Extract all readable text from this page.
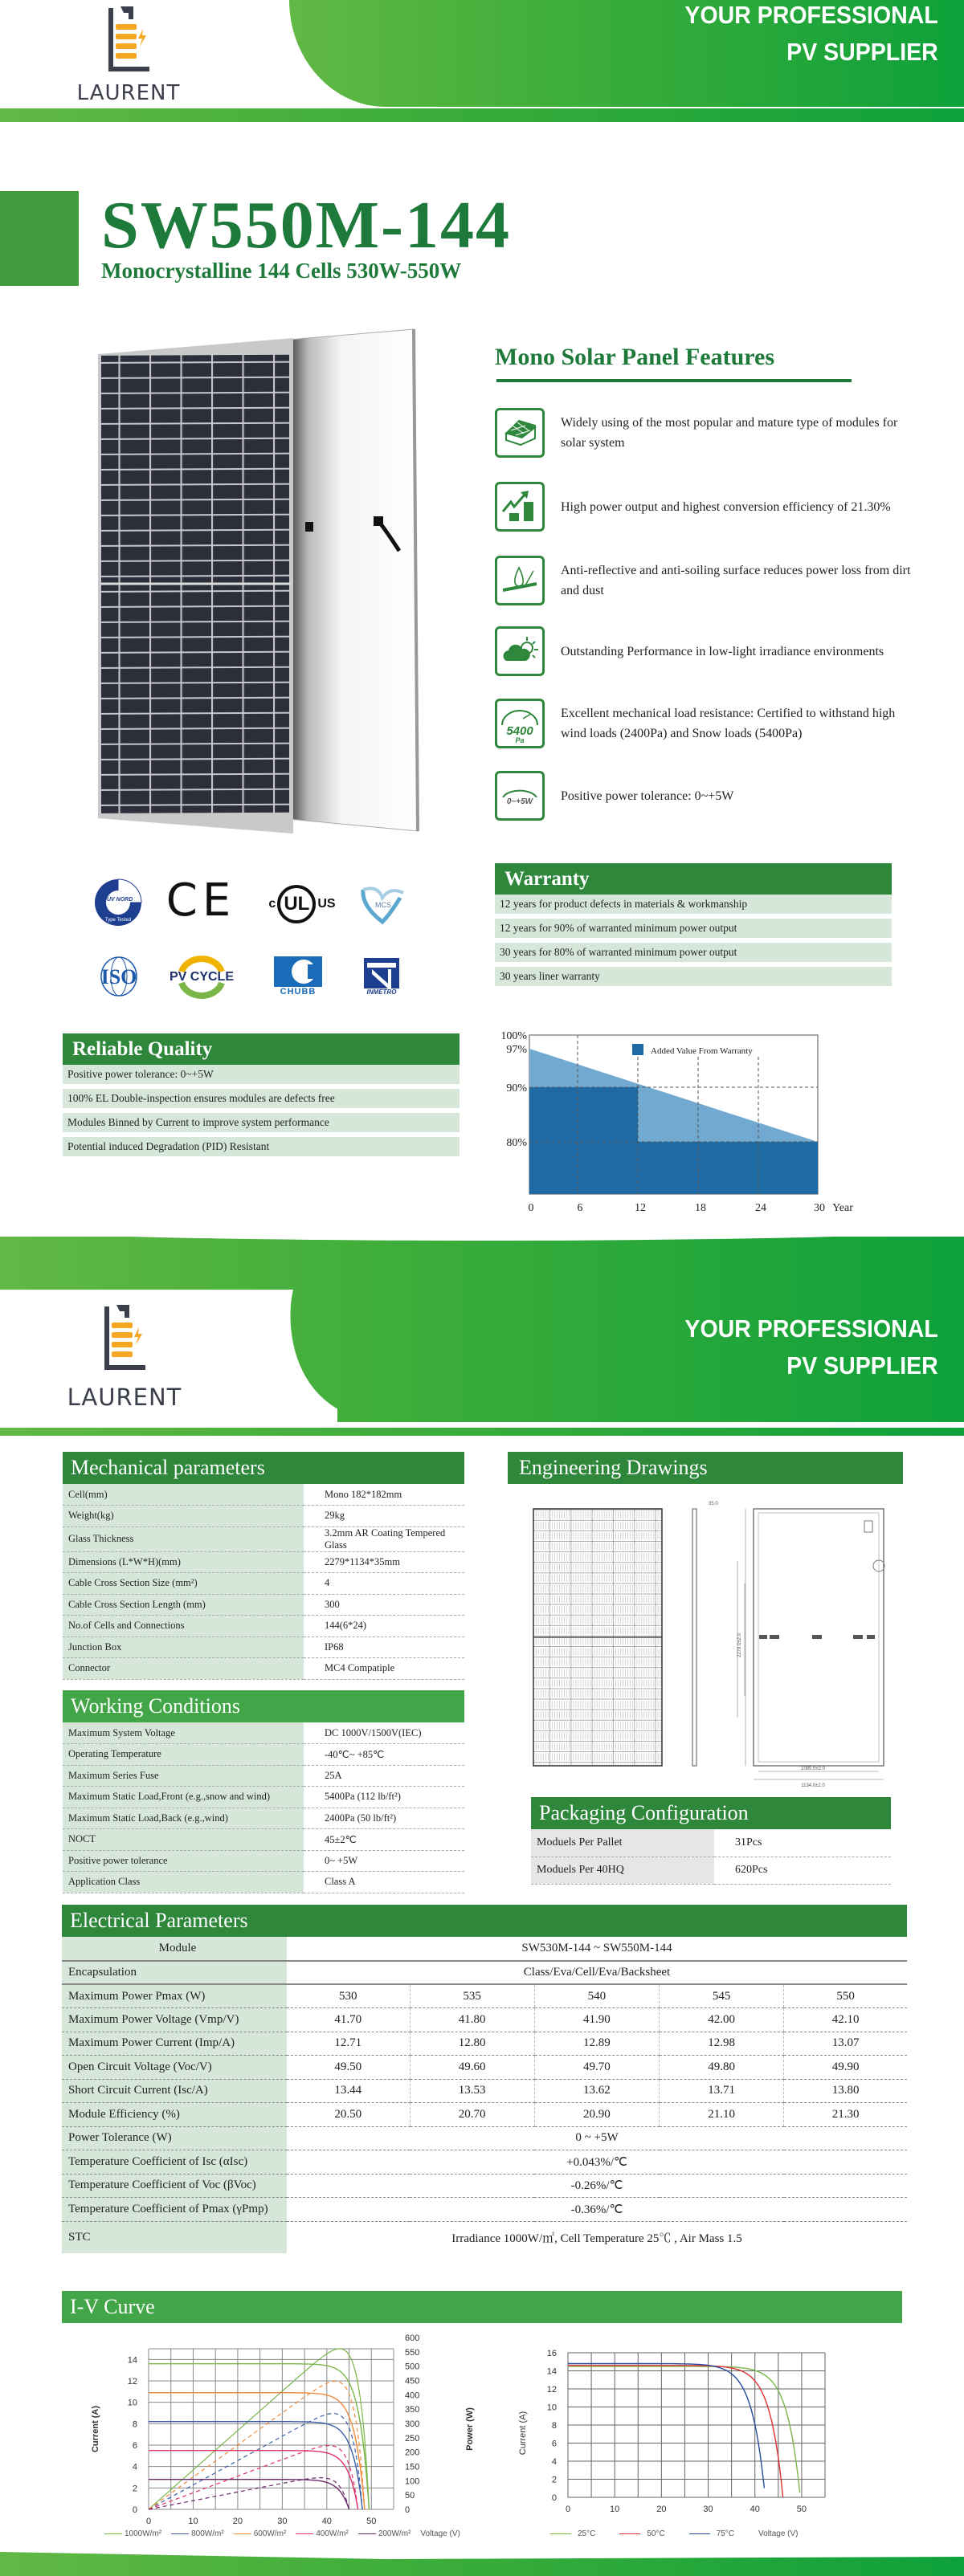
YOUR PROFESSIONAL
PV SUPPLIER
LAURENT
SW550M-144
Monocrystalline 144 Cells 530W-550W
Mono Solar Panel Features
Widely using of the most popular and mature type of modules for solar system
High power output and highest conversion efficiency of 21.30%
Anti-reflective and anti-soiling surface reduces power loss from dirt and dust
Outstanding Performance in low-light irradiance environments
5400
Pa
Excellent mechanical load resistance: Certified to withstand high wind loads (2400Pa) and Snow loads (5400Pa)
0~+5W Positive power tolerance: 0~+5W
Warranty
12 years for product defects in materials & workmanship
12 years for 90% of warranted minimum power output
30 years for 80% of warranted minimum power output
30 years liner warranty
TÜV NORD
Type Tested CE	c UL US	MCS
ISO	PV CYCLE
CHUBB	INMETRO
Reliable Quality
Positive power tolerance: 0~+5W
100% EL Double-inspection ensures modules are defects free
Modules Binned by Current to improve system performance
Potential induced Degradation (PID) Resistant
Added Value From Warranty
100%
97%
90%
80%
0	6	12	18	24	30 Year
YOUR PROFESSIONAL
PV SUPPLIER
LAURENT
Mechanical parameters
Cell(mm)	Mono 182*182mm
Weight(kg)	29kg
Glass Thickness	3.2mm AR Coating Tempered Glass
Dimensions (L*W*H)(mm)	2279*1134*35mm
Cable Cross Section Size (mm²)	4
Cable Cross Section Length (mm)	300
No.of Cells and Connections	144(6*24)
Junction Box	IP68
Connector	MC4 Compatiple
Working Conditions
Maximum System Voltage	DC 1000V/1500V(IEC)
Operating Temperature	-40℃~ +85℃
Maximum Series Fuse	25A
Maximum Static Load,Front (e.g.,snow and wind)	5400Pa (112 lb/ft²)
Maximum Static Load,Back (e.g.,wind)	2400Pa (50 lb/ft²)
NOCT	45±2℃
Positive power tolerance	0~ +5W
Application Class	Class A
Engineering Drawings
35.0
2279.0±2.0
1085.0±2.0
1134.0±2.0
Packaging Configuration
Moduels Per Pallet	31Pcs
Moduels Per 40HQ	620Pcs
Electrical Parameters
Module	SW530M-144 ~ SW550M-144				
Encapsulation	Class/Eva/Cell/Eva/Backsheet				
Maximum Power Pmax (W)	530	535	540	545	550
Maximum Power Voltage (Vmp/V)	41.70	41.80	41.90	42.00	42.10
Maximum Power Current (Imp/A)	12.71	12.80	12.89	12.98	13.07
Open Circuit Voltage (Voc/V)	49.50	49.60	49.70	49.80	49.90
Short Circuit Current (Isc/A)	13.44	13.53	13.62	13.71	13.80
Module Efficiency (%)	20.50	20.70	20.90	21.10	21.30
Power Tolerance (W)	0 ~ +5W				
Temperature Coefficient of Isc (αIsc)	+0.043%/℃				
Temperature Coefficient of Voc (βVoc)	-0.26%/℃				
Temperature Coefficient of Pmax (γPmp)	-0.36%/℃				
STC	Irradiance 1000W/㎡, Cell Temperature 25℃ , Air Mass 1.5				
I-V Curve
0
2
4
6
8
10
12
14
0
50
100
150
200
250
300
350
400
450
500
550
600
0	10	20	30	40	50
Current (A)	Power (W)
1000W/m²	800W/m²	600W/m²	400W/m²	200W/m² Voltage (V)
0
2
4
6
8
10
12
14
16
0	10	20	30	40	50
Current (A)
25°C	50°C	75°C	Voltage (V)
